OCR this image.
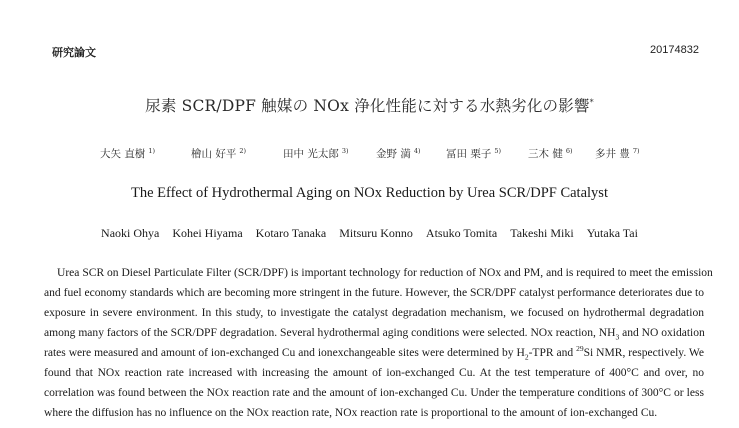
研究論文	20174832
尿素 SCR/DPF 触媒の NOx 浄化性能に対する水熱劣化の影響*
大矢 直樹 $^{1)}$	檜山 好平 $^{2)}$	田中 光太郎 $^{3)}$	金野 満 $^{4)}$ 冨田 栗子 $^{5)}$	三木 健 $^{6)}$ 多井 豊 $^{7)}$
The Effect of Hydrothermal Aging on NOx Reduction by Urea SCR/DPF Catalyst
Naoki Ohya Kohei Hiyama Kotaro Tanaka Mitsuru Konno Atsuko Tomita Takeshi Miki Yutaka Tai
Urea SCR on Diesel Particulate Filter (SCR/DPF) is important technology for reduction of NOx and PM, and is required to meet the emission
and fuel economy standards which are becoming more stringent in the future. However, the SCR/DPF catalyst performance deteriorates due to
exposure in severe environment. In this study, to investigate the catalyst degradation mechanism, we focused on hydrothermal degradation
among many factors of the SCR/DPF degradation. Several hydrothermal aging conditions were selected. NOx reaction, $NH_3$ and NO oxidation
rates were measured and amount of ion-exchanged Cu and ionexchangeable sites were determined by $H_2$-TPR and $^{29}$Si NMR, respectively. We
found that NOx reaction rate increased with increasing the amount of ion-exchanged Cu. At the test temperature of 400°C and over, no
correlation was found between the NOx reaction rate and the amount of ion-exchanged Cu. Under the temperature conditions of 300°C or less
where the diffusion has no influence on the NOx reaction rate, NOx reaction rate is proportional to the amount of ion-exchanged Cu.
